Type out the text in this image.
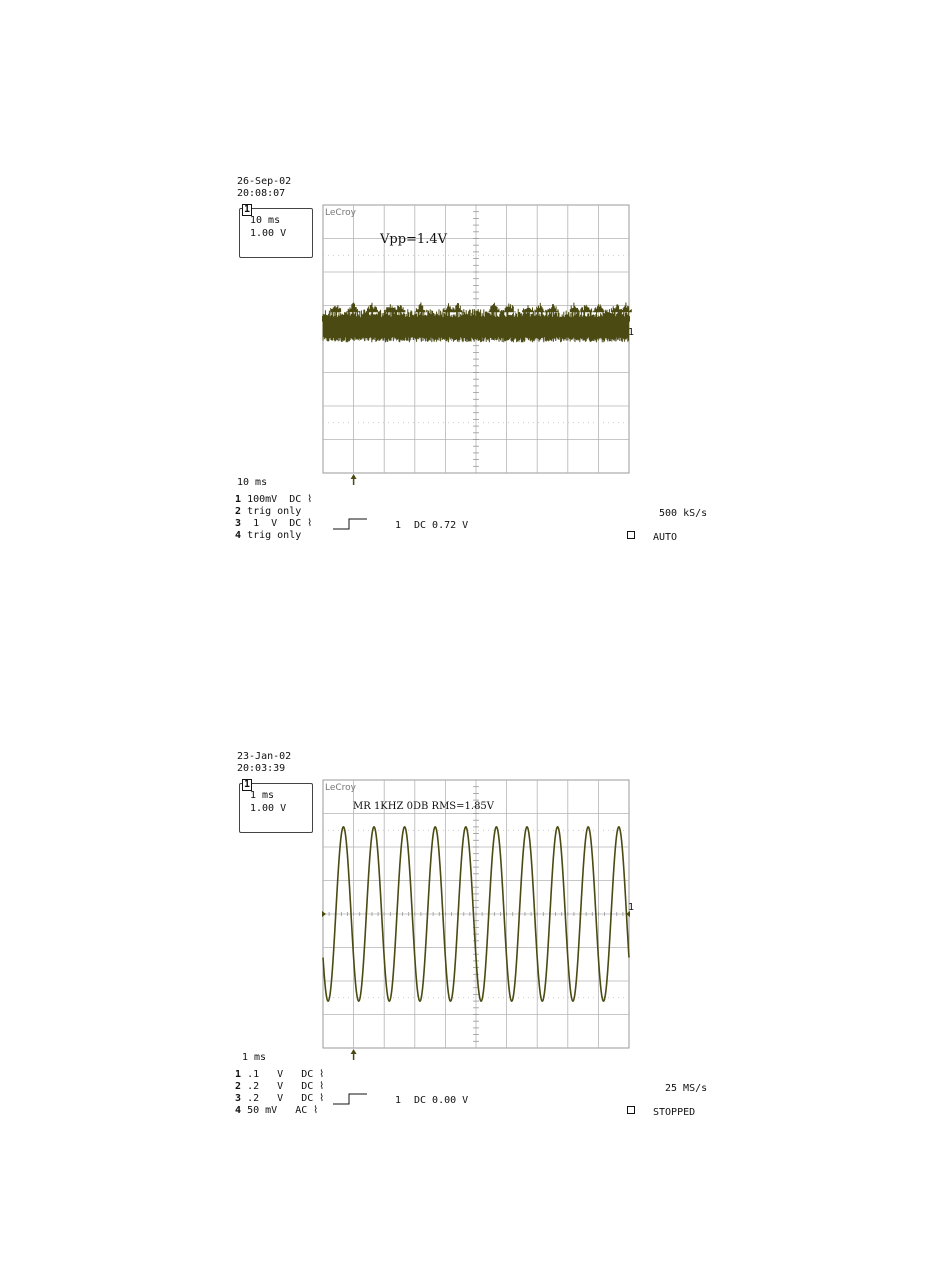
26-Sep-02
20:08:07
1
10 ms
1.00 V
LeCroy
1
Vpp=1.4V
10 ms
1 100mV  DC ⌇
2 trig only
3  1  V  DC ⌇
4 trig only
1 DC 0.72 V
500 kS/s
AUTO
23-Jan-02
20:03:39
1
1 ms
1.00 V
LeCroy
1
MR 1KHZ 0DB RMS=1.85V
1 ms
1 .1   V   DC ⌇
2 .2   V   DC ⌇
3 .2   V   DC ⌇
4 50 mV   AC ⌇
1 DC 0.00 V
25 MS/s
STOPPED
